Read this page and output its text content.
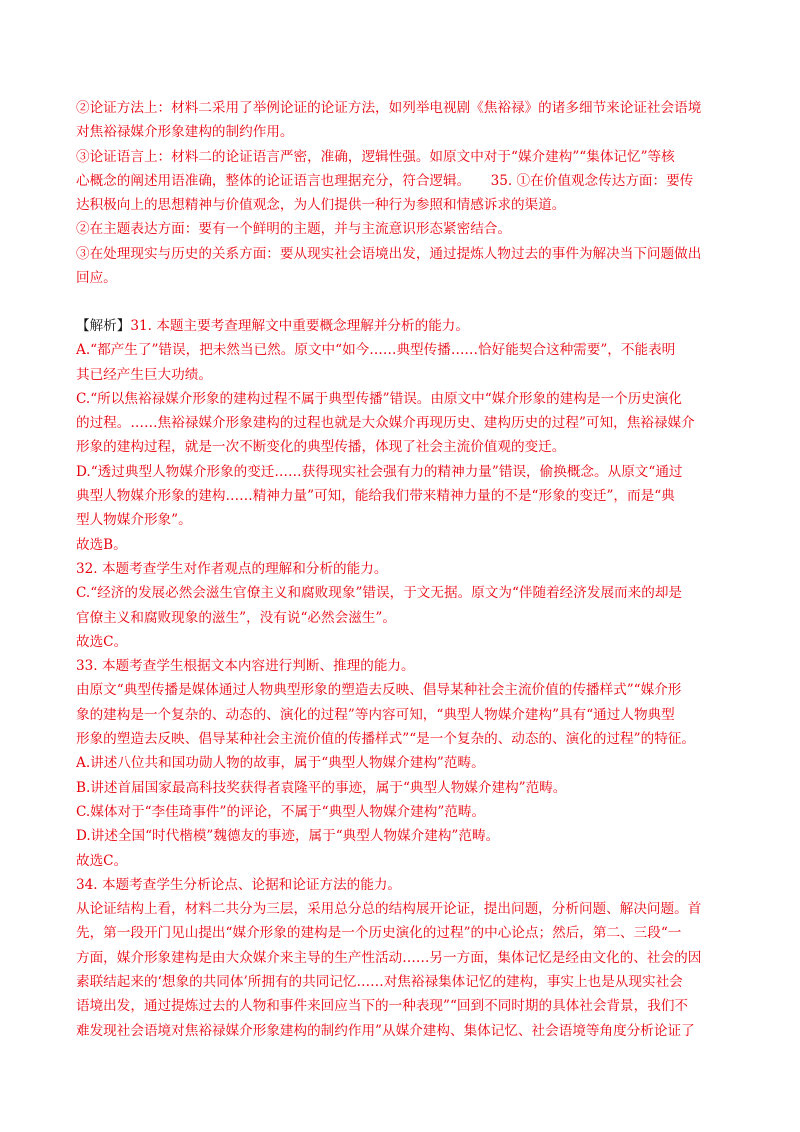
②论证方法上：材料二采用了举例论证的论证方法，如列举电视剧《焦裕禄》的诸多细节来论证社会语境
对焦裕禄媒介形象建构的制约作用。
③论证语言上：材料二的论证语言严密，准确，逻辑性强。如原文中对于“媒介建构”“集体记忆”等核
心概念的阐述用语准确，整体的论证语言也理据充分，符合逻辑。　　35. ①在价值观念传达方面：要传
达积极向上的思想精神与价值观念，为人们提供一种行为参照和情感诉求的渠道。
②在主题表达方面：要有一个鲜明的主题，并与主流意识形态紧密结合。
③在处理现实与历史的关系方面：要从现实社会语境出发，通过提炼人物过去的事件为解决当下问题做出
回应。
【解析】31. 本题主要考查理解文中重要概念理解并分析的能力。
A.“都产生了”错误，把未然当已然。原文中“如今……典型传播……恰好能契合这种需要”，不能表明
其已经产生巨大功绩。
C.“所以焦裕禄媒介形象的建构过程不属于典型传播”错误。由原文中“媒介形象的建构是一个历史演化
的过程。……焦裕禄媒介形象建构的过程也就是大众媒介再现历史、建构历史的过程”可知，焦裕禄媒介
形象的建构过程，就是一次不断变化的典型传播，体现了社会主流价值观的变迁。
D.“透过典型人物媒介形象的变迁……获得现实社会强有力的精神力量”错误，偷换概念。从原文“通过
典型人物媒介形象的建构……精神力量”可知，能给我们带来精神力量的不是“形象的变迁”，而是“典
型人物媒介形象”。
故选B。
32. 本题考查学生对作者观点的理解和分析的能力。
C.“经济的发展必然会滋生官僚主义和腐败现象”错误，于文无据。原文为“伴随着经济发展而来的却是
官僚主义和腐败现象的滋生”，没有说“必然会滋生”。
故选C。
33. 本题考查学生根据文本内容进行判断、推理的能力。
由原文“典型传播是媒体通过人物典型形象的塑造去反映、倡导某种社会主流价值的传播样式”“媒介形
象的建构是一个复杂的、动态的、演化的过程”等内容可知，“典型人物媒介建构”具有“通过人物典型
形象的塑造去反映、倡导某种社会主流价值的传播样式”“是一个复杂的、动态的、演化的过程”的特征。
A.讲述八位共和国功勋人物的故事，属于“典型人物媒介建构”范畴。
B.讲述首届国家最高科技奖获得者袁隆平的事迹，属于“典型人物媒介建构”范畴。
C.媒体对于“李佳琦事件”的评论，不属于“典型人物媒介建构”范畴。
D.讲述全国“时代楷模”魏德友的事迹，属于“典型人物媒介建构”范畴。
故选C。
34. 本题考查学生分析论点、论据和论证方法的能力。
从论证结构上看，材料二共分为三层，采用总分总的结构展开论证，提出问题，分析问题、解决问题。首
先，第一段开门见山提出“媒介形象的建构是一个历史演化的过程”的中心论点；然后，第二、三段“一
方面，媒介形象建构是由大众媒介来主导的生产性活动……另一方面，集体记忆是经由文化的、社会的因
素联结起来的‘想象的共同体’所拥有的共同记忆……对焦裕禄集体记忆的建构，事实上也是从现实社会
语境出发，通过提炼过去的人物和事件来回应当下的一种表现”“回到不同时期的具体社会背景，我们不
难发现社会语境对焦裕禄媒介形象建构的制约作用”从媒介建构、集体记忆、社会语境等角度分析论证了
